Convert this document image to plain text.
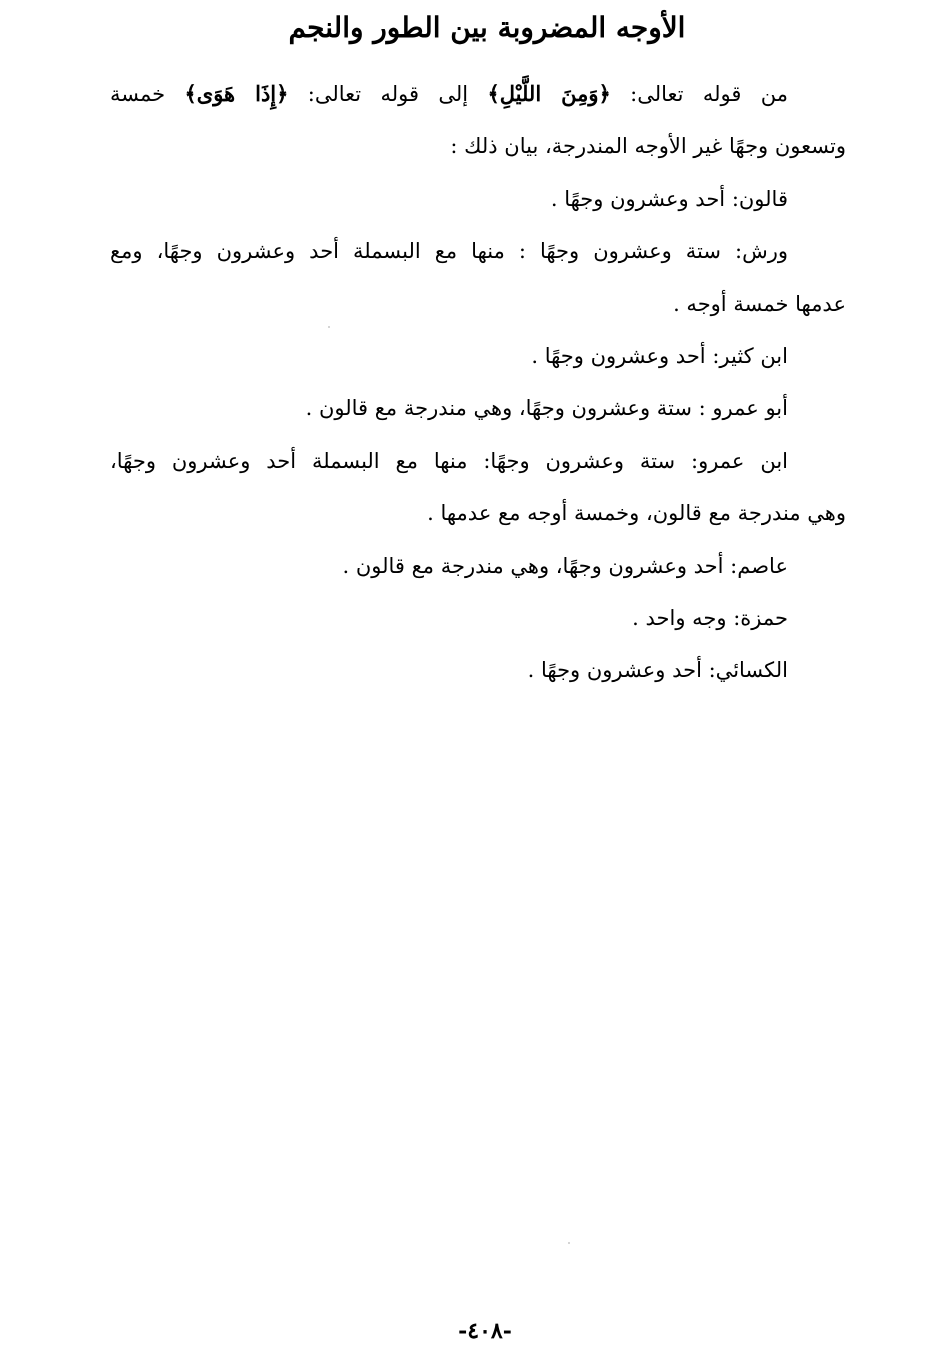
الأوجه المضروبة بين الطور والنجم

من قوله تعالى: ﴿وَمِنَ اللَّيْلِ﴾ إلى قوله تعالى: ﴿إِذَا هَوَى﴾ خمسة

وتسعون وجهًا غير الأوجه المندرجة، بيان ذلك :

قالون: أحد وعشرون وجهًا .

ورش: ستة وعشرون وجهًا : منها مع البسملة أحد وعشرون وجهًا، ومع

عدمها خمسة أوجه .

ابن كثير: أحد وعشرون وجهًا .

أبو عمرو : ستة وعشرون وجهًا، وهي مندرجة مع قالون .

ابن عمرو: ستة وعشرون وجهًا: منها مع البسملة أحد وعشرون وجهًا،

وهي مندرجة مع قالون، وخمسة أوجه مع عدمها .

عاصم: أحد وعشرون وجهًا، وهي مندرجة مع قالون .

حمزة: وجه واحد .

الكسائي: أحد وعشرون وجهًا .

-٤٠٨-
